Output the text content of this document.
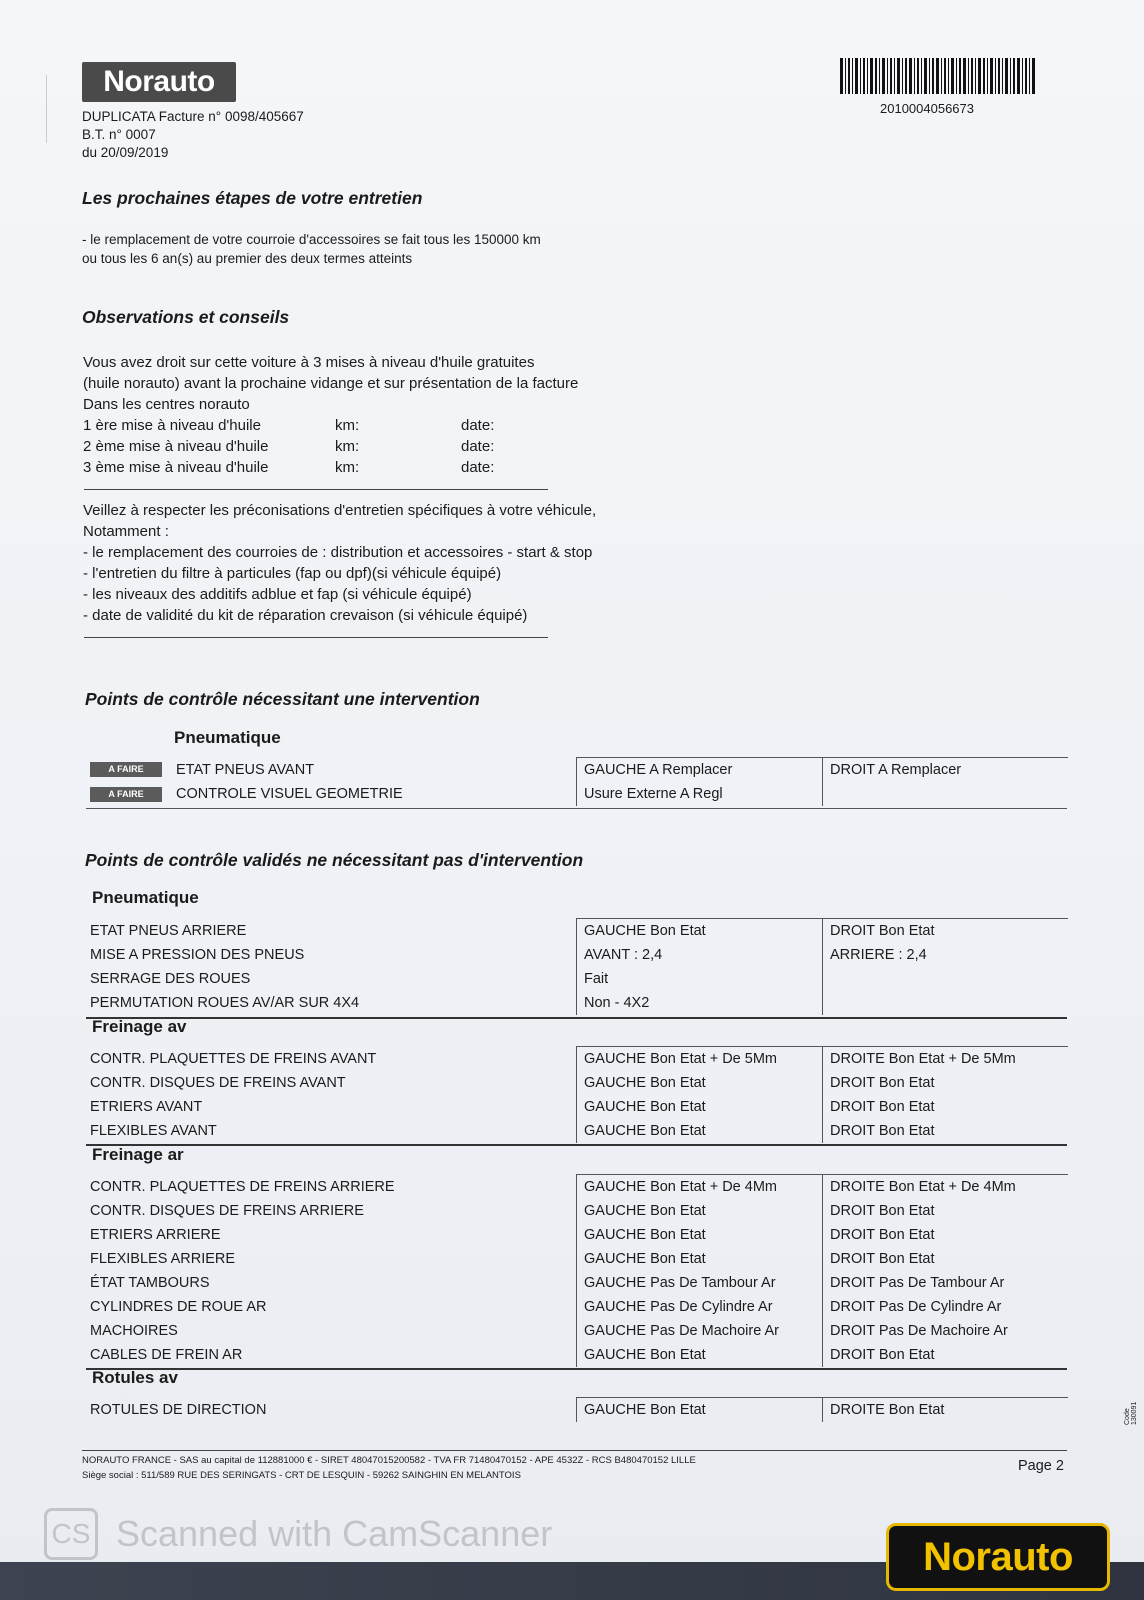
Norauto
DUPLICATA Facture n° 0098/405667
B.T. n° 0007
du 20/09/2019
2010004056673
Les prochaines étapes de votre entretien
- le remplacement de votre courroie d'accessoires se fait tous les 150000 km
ou tous les 6 an(s) au premier des deux termes atteints
Observations et conseils
Vous avez droit sur cette voiture à 3 mises à niveau d'huile gratuites
(huile norauto) avant la prochaine vidange et sur présentation de la facture
Dans les centres norauto
1 ère mise à niveau d'huile	km:	date:
2 ème mise à niveau d'huile	km:	date:
3 ème mise à niveau d'huile	km:	date:
Veillez à respecter les préconisations d'entretien spécifiques à votre véhicule,
Notamment :
- le remplacement des courroies de : distribution et accessoires - start & stop
- l'entretien du filtre à particules (fap ou dpf)(si véhicule équipé)
- les niveaux des additifs adblue et fap (si véhicule équipé)
- date de validité du kit de réparation crevaison (si véhicule équipé)
Points de contrôle nécessitant une intervention
Pneumatique
A FAIRE ETAT PNEUS AVANT	GAUCHE A Remplacer	DROIT A Remplacer
A FAIRE CONTROLE VISUEL GEOMETRIE	Usure Externe A Regl	
Points de contrôle validés ne nécessitant pas d'intervention
Pneumatique
ETAT PNEUS ARRIERE	GAUCHE Bon Etat	DROIT Bon Etat
MISE A PRESSION DES PNEUS	AVANT : 2,4	ARRIERE : 2,4
SERRAGE DES ROUES	Fait	
PERMUTATION ROUES AV/AR SUR 4X4	Non - 4X2	
Freinage av
CONTR. PLAQUETTES DE FREINS AVANT	GAUCHE Bon Etat + De 5Mm	DROITE Bon Etat + De 5Mm
CONTR. DISQUES DE FREINS AVANT	GAUCHE Bon Etat	DROIT Bon Etat
ETRIERS AVANT	GAUCHE Bon Etat	DROIT Bon Etat
FLEXIBLES AVANT	GAUCHE Bon Etat	DROIT Bon Etat
Freinage ar
CONTR. PLAQUETTES DE FREINS ARRIERE	GAUCHE Bon Etat + De 4Mm	DROITE Bon Etat + De 4Mm
CONTR. DISQUES DE FREINS ARRIERE	GAUCHE Bon Etat	DROIT Bon Etat
ETRIERS ARRIERE	GAUCHE Bon Etat	DROIT Bon Etat
FLEXIBLES ARRIERE	GAUCHE Bon Etat	DROIT Bon Etat
ÉTAT TAMBOURS	GAUCHE Pas De Tambour Ar	DROIT Pas De Tambour Ar
CYLINDRES DE ROUE AR	GAUCHE Pas De Cylindre Ar	DROIT Pas De Cylindre Ar
MACHOIRES	GAUCHE Pas De Machoire Ar	DROIT Pas De Machoire Ar
CABLES DE FREIN AR	GAUCHE Bon Etat	DROIT Bon Etat
Rotules av
ROTULES DE DIRECTION	GAUCHE Bon Etat	DROITE Bon Etat
NORAUTO FRANCE - SAS au capital de 112881000 € - SIRET 48047015200582 - TVA FR 71480470152 - APE 4532Z - RCS B480470152 LILLE
Siège social : 511/589 RUE DES SERINGATS - CRT DE LESQUIN - 59262 SAINGHIN EN MELANTOIS
Page 2
Code 130091
CS Scanned with CamScanner
Norauto
